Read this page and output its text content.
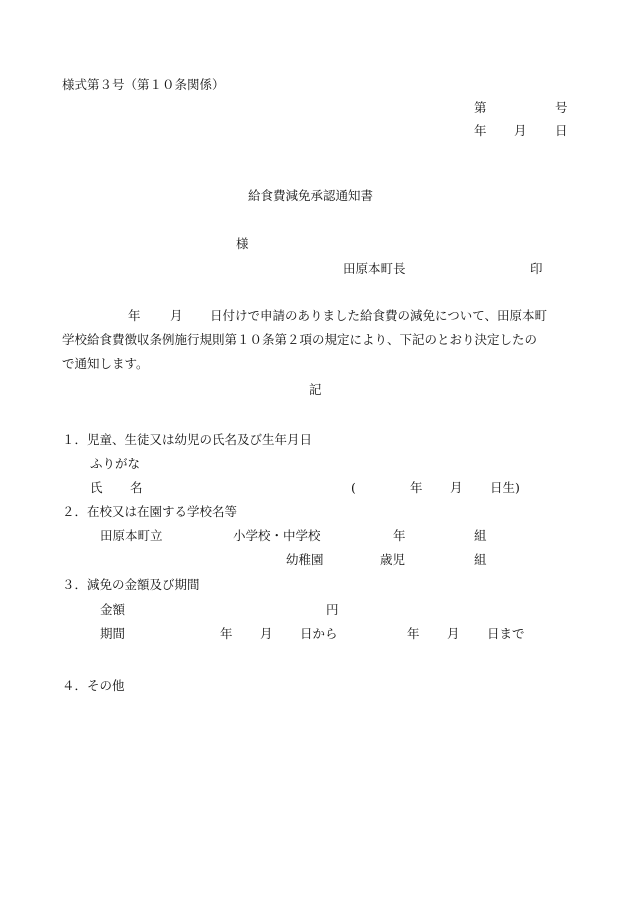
様式第３号（第１０条関係）
第	号
年 月 日
給食費減免承認通知書
様
田原本町長	印
年 月 日付けで申請のありました給食費の減免について、田原本町
学校給食費徴収条例施行規則第１０条第２項の規定により、下記のとおり決定したの
で通知します。
記
１．児童、生徒又は幼児の氏名及び生年月日
ふりがな
氏 名	(	年 月 日生)
２．在校又は在園する学校名等
田原本町立	小学校・中学校	年	組
幼稚園	歳児	組
３．減免の金額及び期間
金額	円
期間	年 月 日から	年 月 日まで
４．その他
